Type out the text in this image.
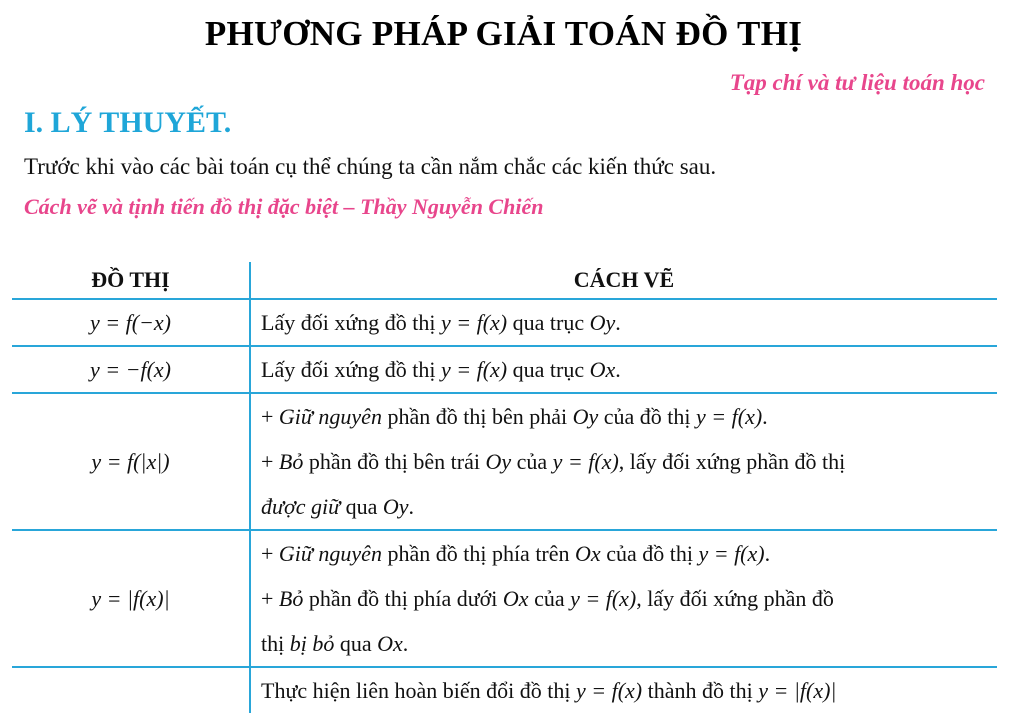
PHƯƠNG PHÁP GIẢI TOÁN ĐỒ THỊ
Tạp chí và tư liệu toán học
I. LÝ THUYẾT.
Trước khi vào các bài toán cụ thể chúng ta cần nắm chắc các kiến thức sau.
Cách vẽ và tịnh tiến đồ thị đặc biệt – Thầy Nguyễn Chiến
ĐỒ THỊ	CÁCH VẼ
y = f(−x)	Lấy đối xứng đồ thị y = f(x) qua trục Oy.

y = −f(x)	Lấy đối xứng đồ thị y = f(x) qua trục Ox.

y = f(|x|)	+ Giữ nguyên phần đồ thị bên phải Oy của đồ thị y = f(x).
+ Bỏ phần đồ thị bên trái Oy của y = f(x), lấy đối xứng phần đồ thị
được giữ qua Oy.

y = |f(x)|	+ Giữ nguyên phần đồ thị phía trên Ox của đồ thị y = f(x).
+ Bỏ phần đồ thị phía dưới Ox của y = f(x), lấy đối xứng phần đồ
thị bị bỏ qua Ox.

	Thực hiện liên hoàn biến đổi đồ thị y = f(x) thành đồ thị y = |f(x)|
